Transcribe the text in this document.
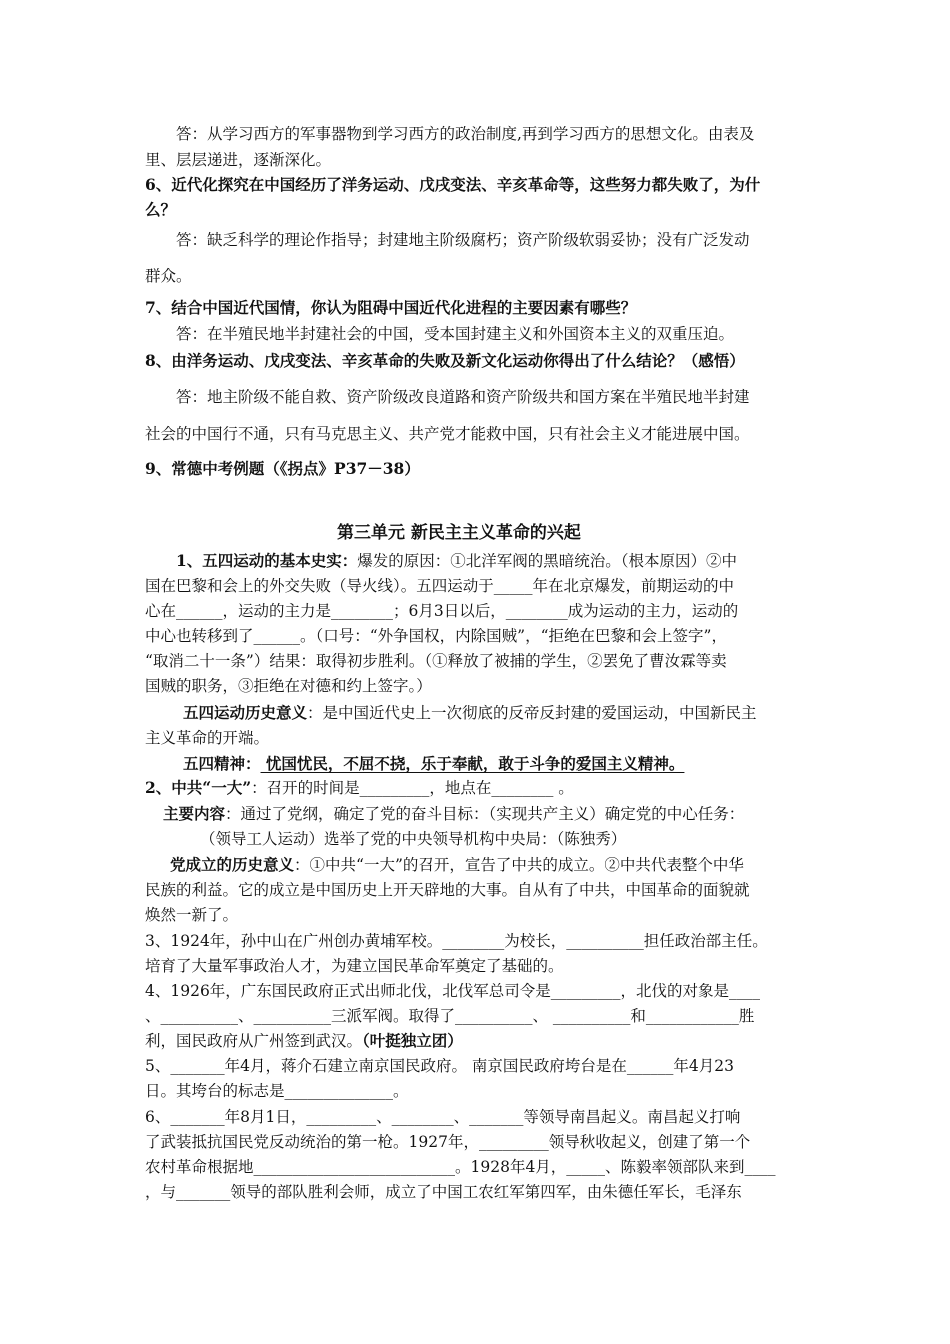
答：从学习西方的军事器物到学习西方的政治制度,再到学习西方的思想文化。由表及
里、层层递进，逐渐深化。
6、近代化探究在中国经历了洋务运动、戊戌变法、辛亥革命等，这些努力都失败了，为什
么？
答：缺乏科学的理论作指导；封建地主阶级腐朽；资产阶级软弱妥协；没有广泛发动
群众。
7、结合中国近代国情，你认为阻碍中国近代化进程的主要因素有哪些？
答：在半殖民地半封建社会的中国，受本国封建主义和外国资本主义的双重压迫。
8、由洋务运动、戊戌变法、辛亥革命的失败及新文化运动你得出了什么结论？（感悟）
答：地主阶级不能自救、资产阶级改良道路和资产阶级共和国方案在半殖民地半封建
社会的中国行不通，只有马克思主义、共产党才能救中国，只有社会主义才能进展中国。
9、常德中考例题（《拐点》P37－38）
第三单元 新民主主义革命的兴起
1、五四运动的基本史实：爆发的原因：①北洋军阀的黑暗统治。（根本原因）②中
国在巴黎和会上的外交失败（导火线）。五四运动于_____年在北京爆发，前期运动的中
心在______，运动的主力是________；6月3日以后，________成为运动的主力，运动的
中心也转移到了______。（口号：“外争国权，内除国贼”，“拒绝在巴黎和会上签字”，
“取消二十一条”）结果：取得初步胜利。（①释放了被捕的学生，②罢免了曹汝霖等卖
国贼的职务，③拒绝在对德和约上签字。）
五四运动历史意义：是中国近代史上一次彻底的反帝反封建的爱国运动，中国新民主
主义革命的开端。
五四精神： 忧国忧民，不屈不挠，乐于奉献，敢于斗争的爱国主义精神。
2、中共“一大”：召开的时间是_________，地点在________ 。
主要内容：通过了党纲，确定了党的奋斗目标：（实现共产主义）确定党的中心任务：
（领导工人运动）选举了党的中央领导机构中央局：（陈独秀）
党成立的历史意义：①中共“一大”的召开，宣告了中共的成立。②中共代表整个中华
民族的利益。它的成立是中国历史上开天辟地的大事。自从有了中共，中国革命的面貌就
焕然一新了。
3、1924年，孙中山在广州创办黄埔军校。________为校长，__________担任政治部主任。
培育了大量军事政治人才，为建立国民革命军奠定了基础的。
4、1926年，广东国民政府正式出师北伐，北伐军总司令是_________，北伐的对象是____
、__________、__________三派军阀。取得了__________、 __________和____________胜
利，国民政府从广州签到武汉。（叶挺独立团）
5、_______年4月，蒋介石建立南京国民政府。 南京国民政府垮台是在______年4月23
日。其垮台的标志是______________。
6、_______年8月1日，_________、________、_______等领导南昌起义。南昌起义打响
了武装抵抗国民党反动统治的第一枪。1927年，_________领导秋收起义，创建了第一个
农村革命根据地__________________________。1928年4月，_____、陈毅率领部队来到____
，与_______领导的部队胜利会师，成立了中国工农红军第四军，由朱德任军长，毛泽东
